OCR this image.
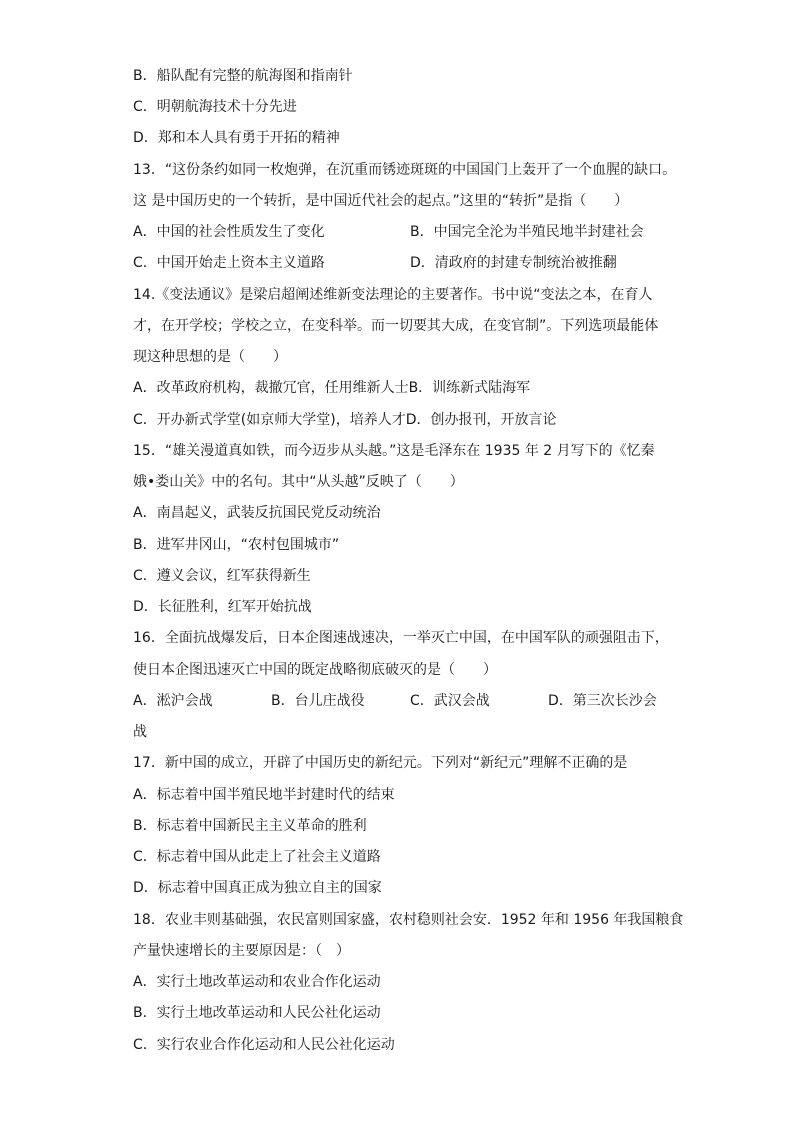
B．船队配有完整的航海图和指南针
C．明朝航海技术十分先进
D．郑和本人具有勇于开拓的精神
13．“这份条约如同一枚炮弹，在沉重而锈迹斑斑的中国国门上轰开了一个血腥的缺口。
这 是中国历史的一个转折，是中国近代社会的起点。”这里的“转折”是指（　　）
A．中国的社会性质发生了变化	B．中国完全沦为半殖民地半封建社会
C．中国开始走上资本主义道路	D．清政府的封建专制统治被推翻
14.《变法通议》是梁启超阐述维新变法理论的主要著作。书中说“变法之本，在育人
才，在开学校；学校之立，在变科举。而一切要其大成，在变官制”。下列选项最能体
现这种思想的是（　　）
A．改革政府机构，裁撤冗官，任用维新人士B．训练新式陆海军
C．开办新式学堂(如京师大学堂)，培养人才D．创办报刊，开放言论
15．“雄关漫道真如铁，而今迈步从头越。”这是毛泽东在 1935 年 2 月写下的《忆秦
娥•娄山关》中的名句。其中“从头越”反映了（　　）
A．南昌起义，武装反抗国民党反动统治
B．进军井冈山，“农村包围城市”
C．遵义会议，红军获得新生
D．长征胜利，红军开始抗战
16．全面抗战爆发后，日本企图速战速决，一举灭亡中国，在中国军队的顽强阻击下，
使日本企图迅速灭亡中国的既定战略彻底破灭的是（　　）
A．淞沪会战	B．台儿庄战役	C．武汉会战	D．第三次长沙会
战
17．新中国的成立，开辟了中国历史的新纪元。下列对“新纪元”理解不正确的是
A．标志着中国半殖民地半封建时代的结束
B．标志着中国新民主主义革命的胜利
C．标志着中国从此走上了社会主义道路
D．标志着中国真正成为独立自主的国家
18．农业丰则基础强，农民富则国家盛，农村稳则社会安．1952 年和 1956 年我国粮食
产量快速增长的主要原因是：（　）
A．实行土地改革运动和农业合作化运动
B．实行土地改革运动和人民公社化运动
C．实行农业合作化运动和人民公社化运动
